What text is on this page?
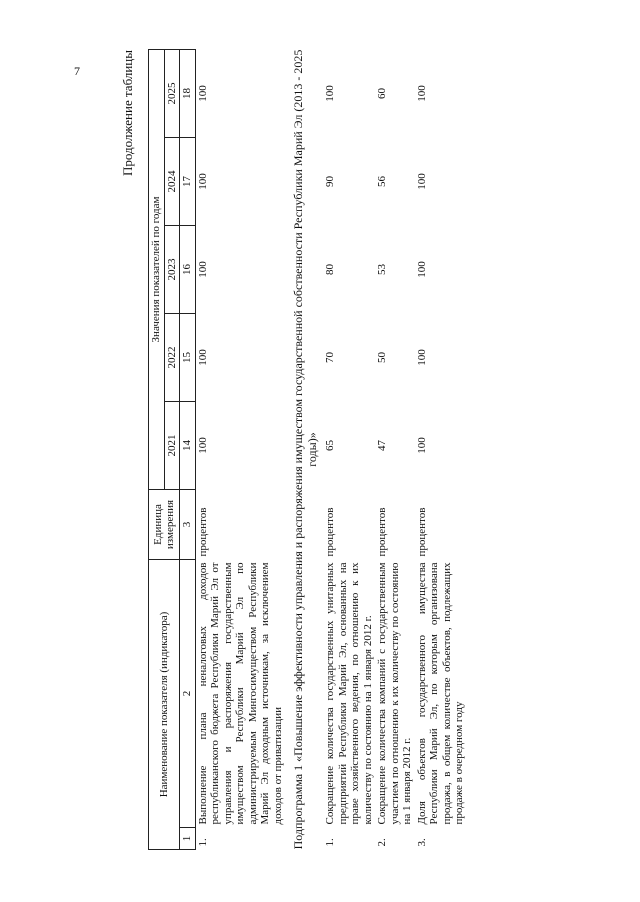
7	Продолжение таблицы
Наименование показателя (индикатора)		Единица измерения	Значения показателей по годам				
			2021	2022	2023	2024	2025
1	2	3	14	15	16	17	18
1.	Выполнение плана неналоговых доходов республиканского бюджета Республики Марий Эл от управления и распоряжения государственным имуществом Республики Марий Эл по администрируемым Мингосимуществом Республики Марий Эл доходным источникам, за исключением доходов от приватизации	процентов	100	100	100	100	100
Подпрограмма 1 «Повышение эффективности управления и распоряжения имуществом государственной собственности Республики Марий Эл (2013 - 2025 годы)»							
1.	Сокращение количества государственных унитарных предприятий Республики Марий Эл, основанных на праве хозяйственного ведения, по отношению к их количеству по состоянию на 1 января 2012 г.	процентов	65	70	80	90	100
2.	Сокращение количества компаний с государственным участием по отношению к их количеству по состоянию на 1 января 2012 г.	процентов	47	50	53	56	60
3.	Доля объектов государственного имущества Республики Марий Эл, по которым организована продажа, в общем количестве объектов, подлежащих продаже в очередном году	процентов	100	100	100	100	100
